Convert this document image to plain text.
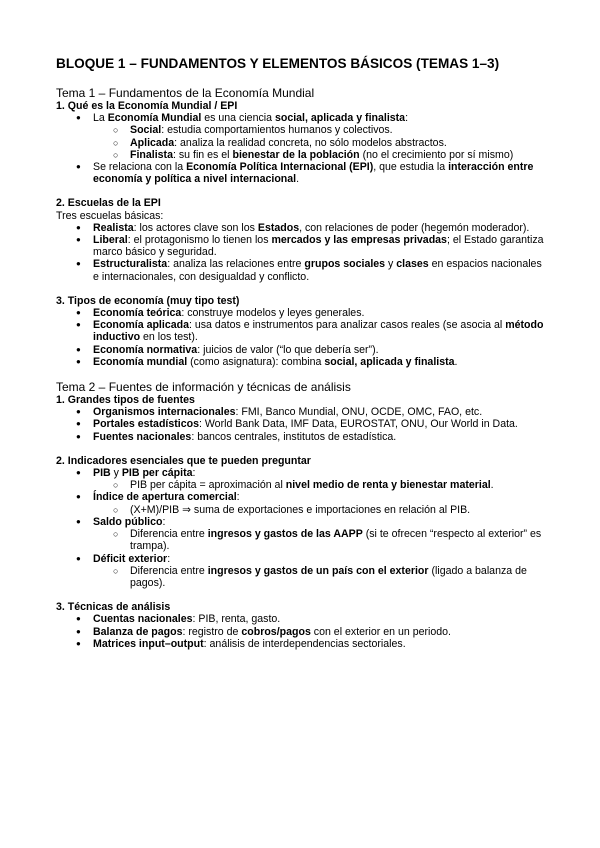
BLOQUE 1 – FUNDAMENTOS Y ELEMENTOS BÁSICOS (TEMAS 1–3)
Tema 1 – Fundamentos de la Economía Mundial
1. Qué es la Economía Mundial / EPI
● La Economía Mundial es una ciencia social, aplicada y finalista:
○ Social: estudia comportamientos humanos y colectivos.
○ Aplicada: analiza la realidad concreta, no sólo modelos abstractos.
○ Finalista: su fin es el bienestar de la población (no el crecimiento por sí mismo)
● Se relaciona con la Economía Política Internacional (EPI), que estudia la interacción entre economía y política a nivel internacional.
2. Escuelas de la EPI
Tres escuelas básicas:
● Realista: los actores clave son los Estados, con relaciones de poder (hegemón moderador).
● Liberal: el protagonismo lo tienen los mercados y las empresas privadas; el Estado garantiza marco básico y seguridad.
● Estructuralista: analiza las relaciones entre grupos sociales y clases en espacios nacionales e internacionales, con desigualdad y conflicto.
3. Tipos de economía (muy tipo test)
● Economía teórica: construye modelos y leyes generales.
● Economía aplicada: usa datos e instrumentos para analizar casos reales (se asocia al método inductivo en los test).
● Economía normativa: juicios de valor (“lo que debería ser”).
● Economía mundial (como asignatura): combina social, aplicada y finalista.
Tema 2 – Fuentes de información y técnicas de análisis
1. Grandes tipos de fuentes
● Organismos internacionales: FMI, Banco Mundial, ONU, OCDE, OMC, FAO, etc.
● Portales estadísticos: World Bank Data, IMF Data, EUROSTAT, ONU, Our World in Data.
● Fuentes nacionales: bancos centrales, institutos de estadística.
2. Indicadores esenciales que te pueden preguntar
● PIB y PIB per cápita:
○ PIB per cápita = aproximación al nivel medio de renta y bienestar material.
● Índice de apertura comercial:
○ (X+M)/PIB ⇒ suma de exportaciones e importaciones en relación al PIB.
● Saldo público:
○ Diferencia entre ingresos y gastos de las AAPP (si te ofrecen “respecto al exterior” es trampa).
● Déficit exterior:
○ Diferencia entre ingresos y gastos de un país con el exterior (ligado a balanza de pagos).
3. Técnicas de análisis
● Cuentas nacionales: PIB, renta, gasto.
● Balanza de pagos: registro de cobros/pagos con el exterior en un periodo.
● Matrices input–output: análisis de interdependencias sectoriales.
